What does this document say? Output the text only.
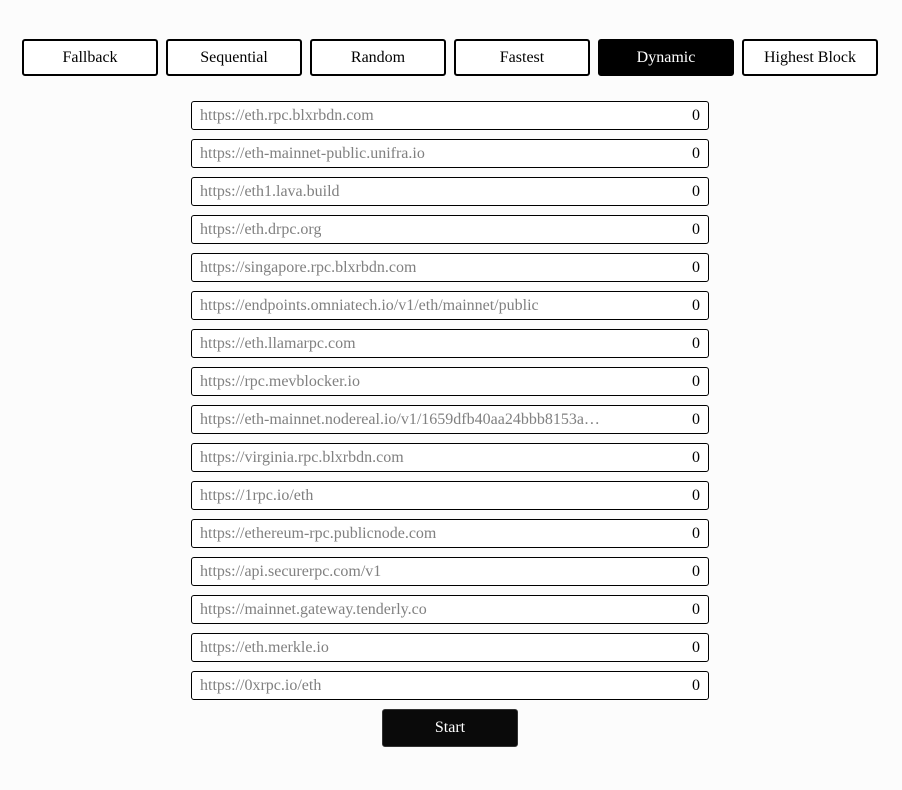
Fallback	Sequential	Random	Fastest	Dynamic	Highest Block
https://eth.rpc.blxrbdn.com	0
https://eth-mainnet-public.unifra.io	0
https://eth1.lava.build	0
https://eth.drpc.org	0
https://singapore.rpc.blxrbdn.com	0
https://endpoints.omniatech.io/v1/eth/mainnet/public	0
https://eth.llamarpc.com	0
https://rpc.mevblocker.io	0
https://eth-mainnet.nodereal.io/v1/1659dfb40aa24bbb8153a…	0
https://virginia.rpc.blxrbdn.com	0
https://1rpc.io/eth	0
https://ethereum-rpc.publicnode.com	0
https://api.securerpc.com/v1	0
https://mainnet.gateway.tenderly.co	0
https://eth.merkle.io	0
https://0xrpc.io/eth	0
Start
